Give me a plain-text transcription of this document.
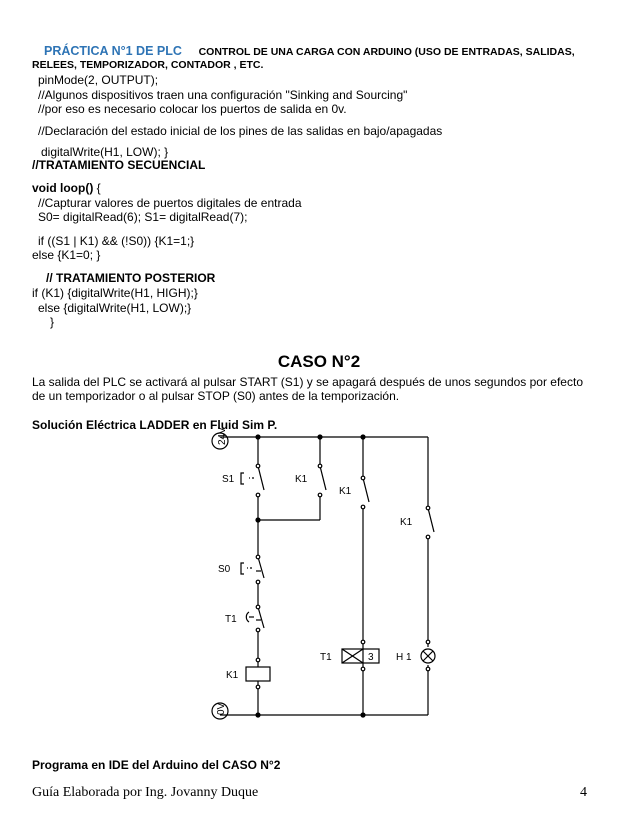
PRÁCTICA N°1 DE PLC CONTROL DE UNA CARGA CON ARDUINO (USO DE ENTRADAS, SALIDAS,
RELEES, TEMPORIZADOR, CONTADOR , ETC.
pinMode(2, OUTPUT);
//Algunos dispositivos traen una configuración "Sinking and Sourcing"
//por eso es necesario colocar los puertos de salida en 0v.
//Declaración del estado inicial de los pines de las salidas en bajo/apagadas
digitalWrite(H1, LOW); }
//TRATAMIENTO SECUENCIAL
void loop() {
//Capturar valores de puertos digitales de entrada
S0= digitalRead(6); S1= digitalRead(7);
if ((S1 | K1) && (!S0)) {K1=1;}
else {K1=0; }
// TRATAMIENTO POSTERIOR
if (K1) {digitalWrite(H1, HIGH);}
else {digitalWrite(H1, LOW);}
}
CASO N°2
La salida del PLC se activará al pulsar START (S1) y se apagará después de unos segundos por efecto
de un temporizador o al pulsar STOP (S0) antes de la temporización.
Solución Eléctrica LADDER en Fluid Sim P.
24V
0V
S1	K1
K1
K1
S0
T1
K1
T1	3 H 1
Programa en IDE del Arduino del CASO N°2
Guía Elaborada por Ing. Jovanny Duque	4
